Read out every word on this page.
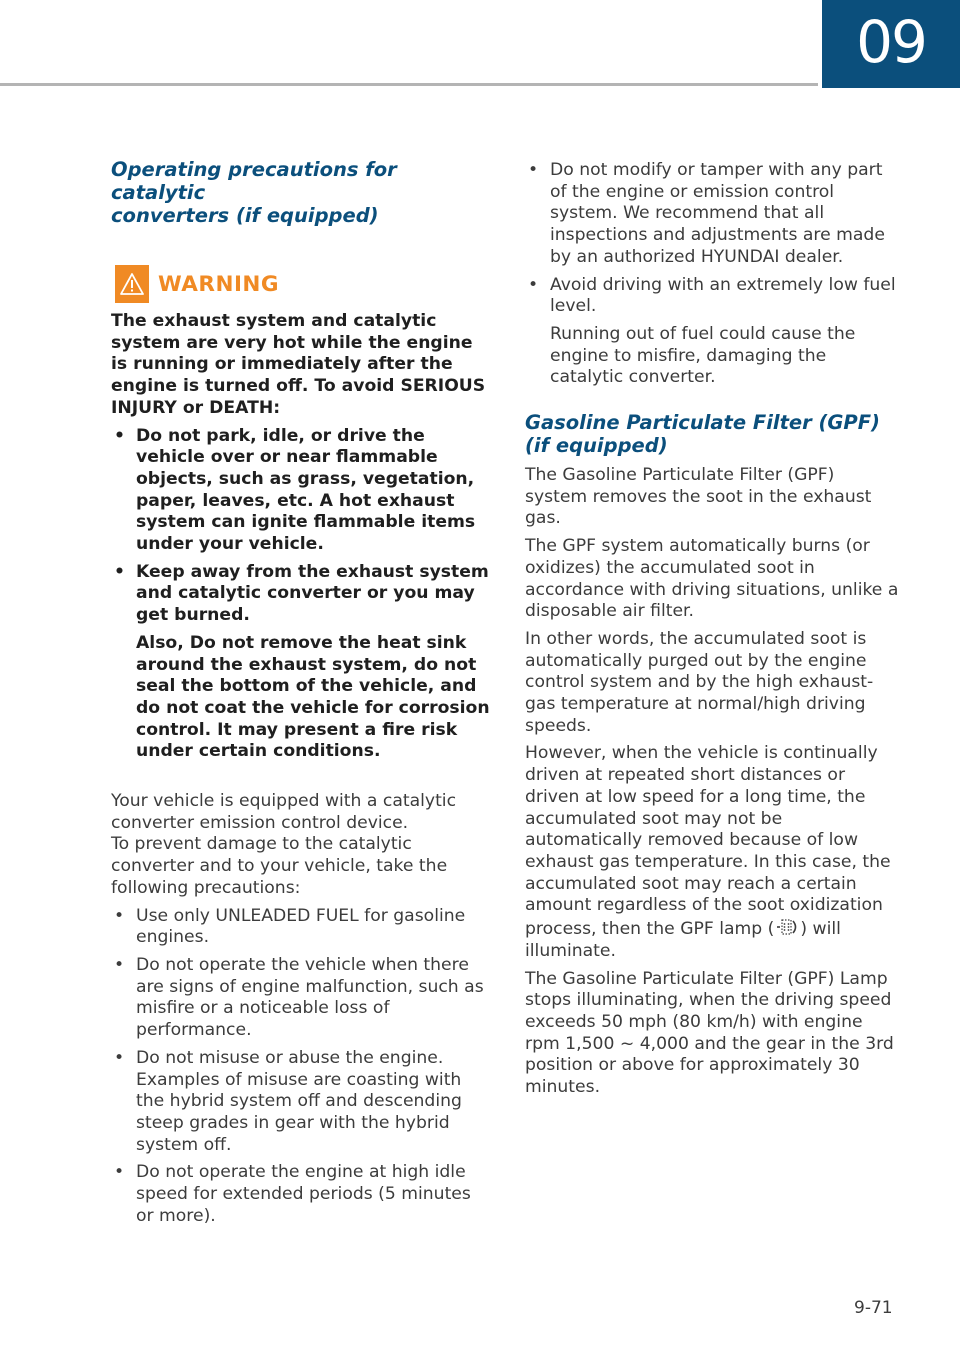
09
Operating precautions for catalytic
converters (if equipped)
WARNING

The exhaust system and catalytic system are very hot while the engine is running or immediately after the engine is turned off. To avoid SERIOUS INJURY or DEATH:

• Do not park, idle, or drive the vehicle over or near flammable objects, such as grass, vegetation, paper, leaves, etc. A hot exhaust system can ignite flammable items under your vehicle.
• Keep away from the exhaust system and catalytic converter or you may get burned.

Also, Do not remove the heat sink around the exhaust system, do not seal the bottom of the vehicle, and do not coat the vehicle for corrosion control. It may present a fire risk under certain conditions.

Your vehicle is equipped with a catalytic converter emission control device.

To prevent damage to the catalytic converter and to your vehicle, take the following precautions:

• Use only UNLEADED FUEL for gasoline engines.
• Do not operate the vehicle when there are signs of engine malfunction, such as misfire or a noticeable loss of performance.
• Do not misuse or abuse the engine. Examples of misuse are coasting with the hybrid system off and descending steep grades in gear with the hybrid system off.
• Do not operate the engine at high idle speed for extended periods (5 minutes or more).
• Do not modify or tamper with any part of the engine or emission control system. We recommend that all inspections and adjustments are made by an authorized HYUNDAI dealer.
• Avoid driving with an extremely low fuel level.

Running out of fuel could cause the engine to misfire, damaging the catalytic converter.

Gasoline Particulate Filter (GPF)
(if equipped)

The Gasoline Particulate Filter (GPF) system removes the soot in the exhaust gas.

The GPF system automatically burns (or oxidizes) the accumulated soot in accordance with driving situations, unlike a disposable air filter.

In other words, the accumulated soot is automatically purged out by the engine control system and by the high exhaust-gas temperature at normal/high driving speeds.

However, when the vehicle is continually driven at repeated short distances or driven at low speed for a long time, the accumulated soot may not be automatically removed because of low exhaust gas temperature. In this case, the accumulated soot may reach a certain amount regardless of the soot oxidization process, then the GPF lamp ( ) will illuminate.

The Gasoline Particulate Filter (GPF) Lamp stops illuminating, when the driving speed exceeds 50 mph (80 km/h) with engine rpm 1,500 ~ 4,000 and the gear in the 3rd position or above for approximately 30 minutes.

9-71
